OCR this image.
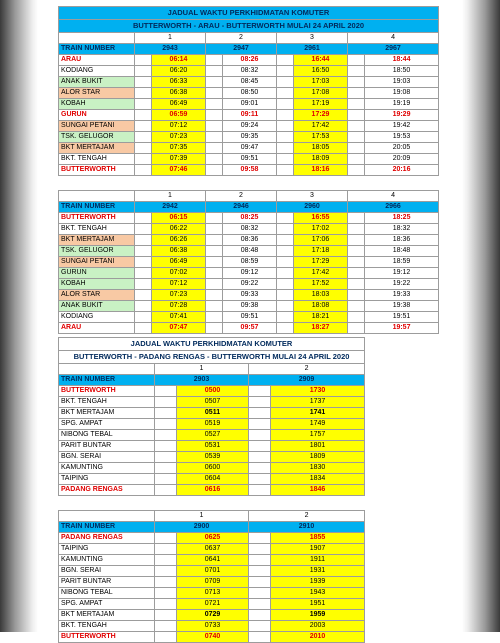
JADUAL WAKTU PERKHIDMATAN KOMUTER								
BUTTERWORTH - ARAU - BUTTERWORTH MULAI 24 APRIL 2020								
	1		2		3		4	
TRAIN NUMBER	2943		2947		2961		2967	
ARAU		06:14		08:26		16:44		18:44
KODIANG		06:20		08:32		16:50		18:50
ANAK BUKIT		06:33		08:45		17:03		19:03
ALOR STAR		06:38		08:50		17:08		19:08
KOBAH		06:49		09:01		17:19		19:19
GURUN		06:59		09:11		17:29		19:29
SUNGAI PETANI		07:12		09:24		17:42		19:42
TSK. GELUGOR		07:23		09:35		17:53		19:53
BKT MERTAJAM		07:35		09:47		18:05		20:05
BKT. TENGAH		07:39		09:51		18:09		20:09
BUTTERWORTH		07:46		09:58		18:16		20:16

	1		2		3		4	
TRAIN NUMBER	2942		2946		2960		2966	
BUTTERWORTH		06:15		08:25		16:55		18:25
BKT. TENGAH		06:22		08:32		17:02		18:32
BKT MERTAJAM		06:26		08:36		17:06		18:36
TSK. GELUGOR		06:38		08:48		17:18		18:48
SUNGAI PETANI		06:49		08:59		17:29		18:59
GURUN		07:02		09:12		17:42		19:12
KOBAH		07:12		09:22		17:52		19:22
ALOR STAR		07:23		09:33		18:03		19:33
ANAK BUKIT		07:28		09:38		18:08		19:38
KODIANG		07:41		09:51		18:21		19:51
ARAU		07:47		09:57		18:27		19:57
JADUAL WAKTU PERKHIDMATAN KOMUTER				
BUTTERWORTH - PADANG RENGAS - BUTTERWORTH MULAI 24 APRIL 2020				
	1		2	
TRAIN NUMBER	2903		2909	
BUTTERWORTH		0500		1730
BKT. TENGAH		0507		1737
BKT MERTAJAM		0511		1741
SPG. AMPAT		0519		1749
NIBONG TEBAL		0527		1757
PARIT BUNTAR		0531		1801
BGN. SERAI		0539		1809
KAMUNTING		0600		1830
TAIPING		0604		1834
PADANG RENGAS		0616		1846

	1		2	
TRAIN NUMBER	2900		2910	
PADANG RENGAS		0625		1855
TAIPING		0637		1907
KAMUNTING		0641		1911
BGN. SERAI		0701		1931
PARIT BUNTAR		0709		1939
NIBONG TEBAL		0713		1943
SPG. AMPAT		0721		1951
BKT MERTAJAM		0729		1959
BKT. TENGAH		0733		2003
BUTTERWORTH		0740		2010
